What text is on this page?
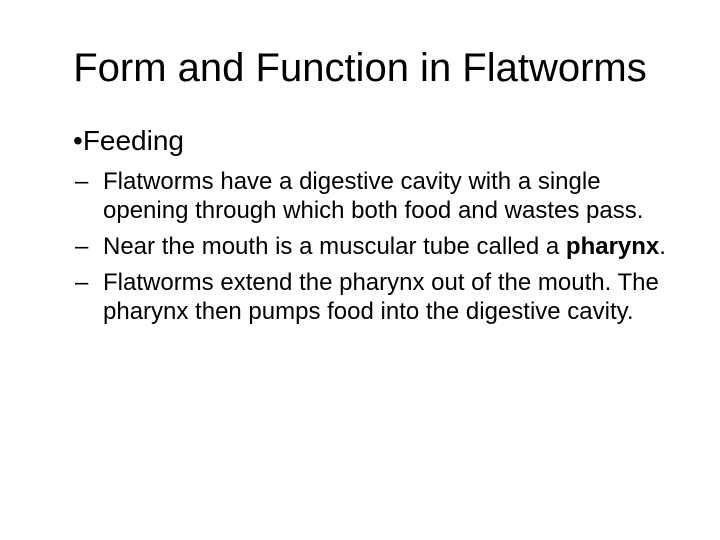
Form and Function in Flatworms

•Feeding

– Flatworms have a digestive cavity with a single opening through which both food and wastes pass.
– Near the mouth is a muscular tube called a pharynx.
– Flatworms extend the pharynx out of the mouth. The pharynx then pumps food into the digestive cavity.
